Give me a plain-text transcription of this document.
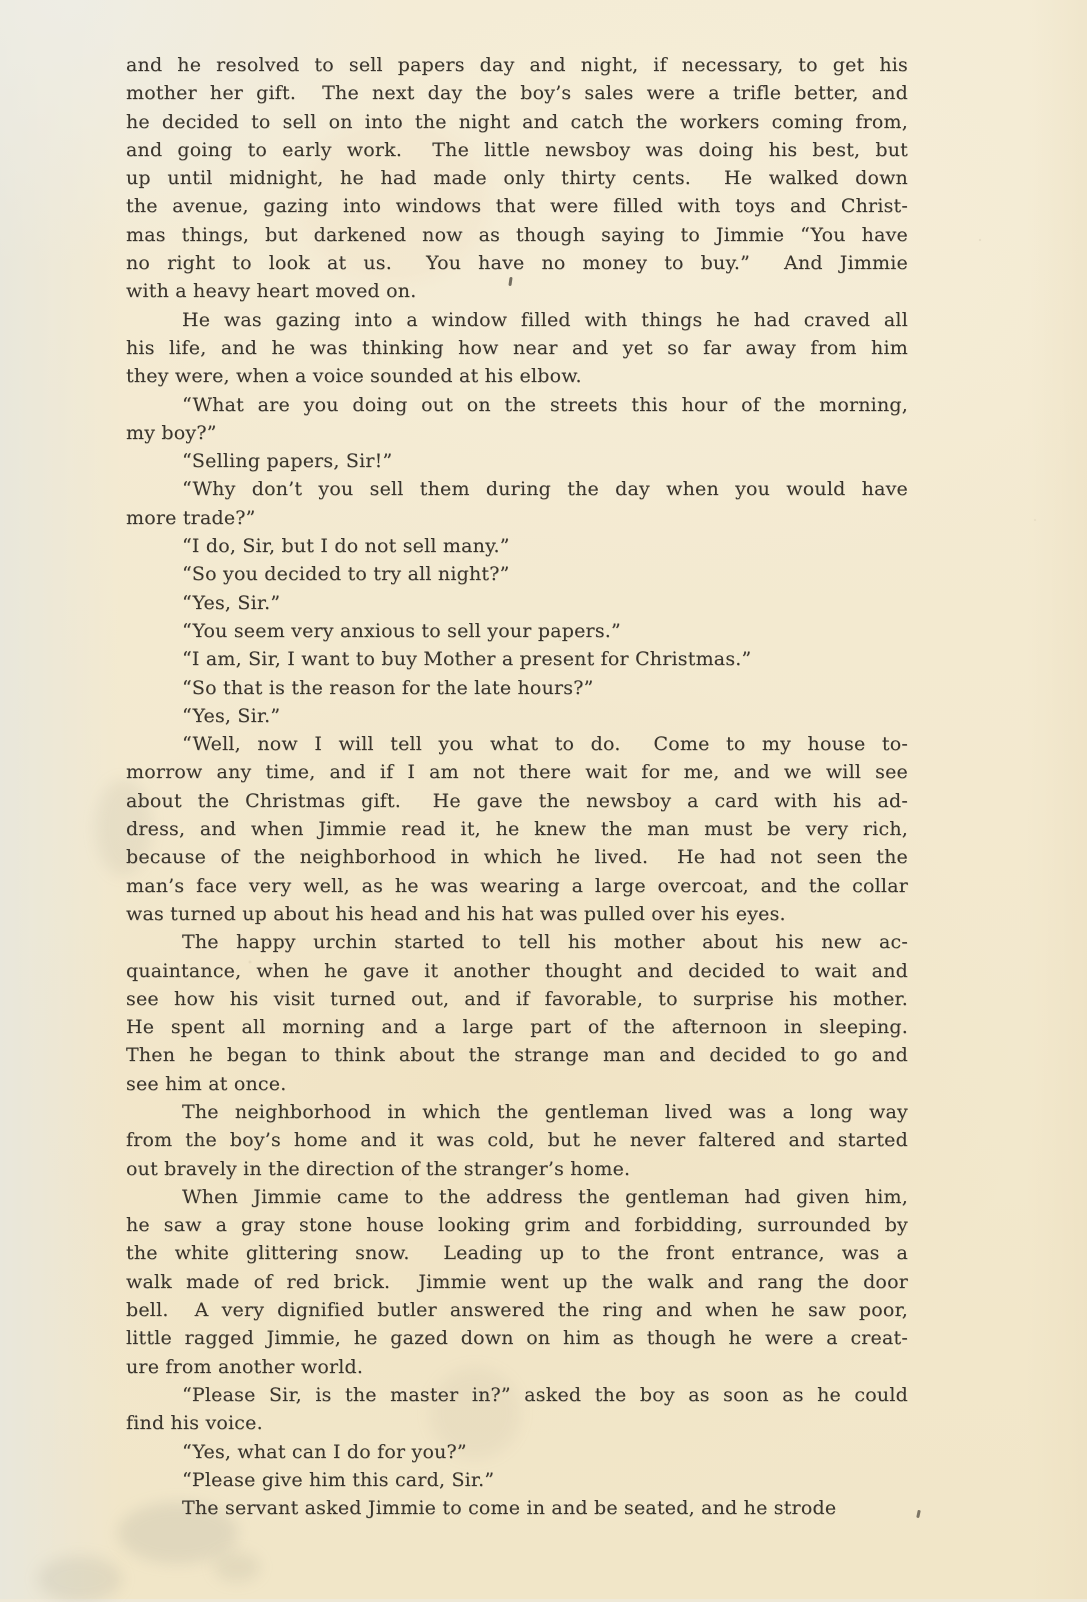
and he resolved to sell papers day and night, if necessary, to get his
mother her gift.  The next day the boy’s sales were a trifle better, and
he decided to sell on into the night and catch the workers coming from,
and going to early work.  The little newsboy was doing his best, but
up until midnight, he had made only thirty cents.  He walked down
the avenue, gazing into windows that were filled with toys and Christ-
mas things, but darkened now as though saying to Jimmie “You have
no right to look at us.  You have no money to buy.”  And Jimmie
with a heavy heart moved on.
He was gazing into a window filled with things he had craved all
his life, and he was thinking how near and yet so far away from him
they were, when a voice sounded at his elbow.
“What are you doing out on the streets this hour of the morning,
my boy?”
“Selling papers, Sir!”
“Why don’t you sell them during the day when you would have
more trade?”
“I do, Sir, but I do not sell many.”
“So you decided to try all night?”
“Yes, Sir.”
“You seem very anxious to sell your papers.”
“I am, Sir, I want to buy Mother a present for Christmas.”
“So that is the reason for the late hours?”
“Yes, Sir.”
“Well, now I will tell you what to do.  Come to my house to-
morrow any time, and if I am not there wait for me, and we will see
about the Christmas gift.  He gave the newsboy a card with his ad-
dress, and when Jimmie read it, he knew the man must be very rich,
because of the neighborhood in which he lived.  He had not seen the
man’s face very well, as he was wearing a large overcoat, and the collar
was turned up about his head and his hat was pulled over his eyes.
The happy urchin started to tell his mother about his new ac-
quaintance, when he gave it another thought and decided to wait and
see how his visit turned out, and if favorable, to surprise his mother.
He spent all morning and a large part of the afternoon in sleeping.
Then he began to think about the strange man and decided to go and
see him at once.
The neighborhood in which the gentleman lived was a long way
from the boy’s home and it was cold, but he never faltered and started
out bravely in the direction of the stranger’s home.
When Jimmie came to the address the gentleman had given him,
he saw a gray stone house looking grim and forbidding, surrounded by
the white glittering snow.  Leading up to the front entrance, was a
walk made of red brick.  Jimmie went up the walk and rang the door
bell.  A very dignified butler answered the ring and when he saw poor,
little ragged Jimmie, he gazed down on him as though he were a creat-
ure from another world.
“Please Sir, is the master in?” asked the boy as soon as he could
find his voice.
“Yes, what can I do for you?”
“Please give him this card, Sir.”
The servant asked Jimmie to come in and be seated, and he strode
